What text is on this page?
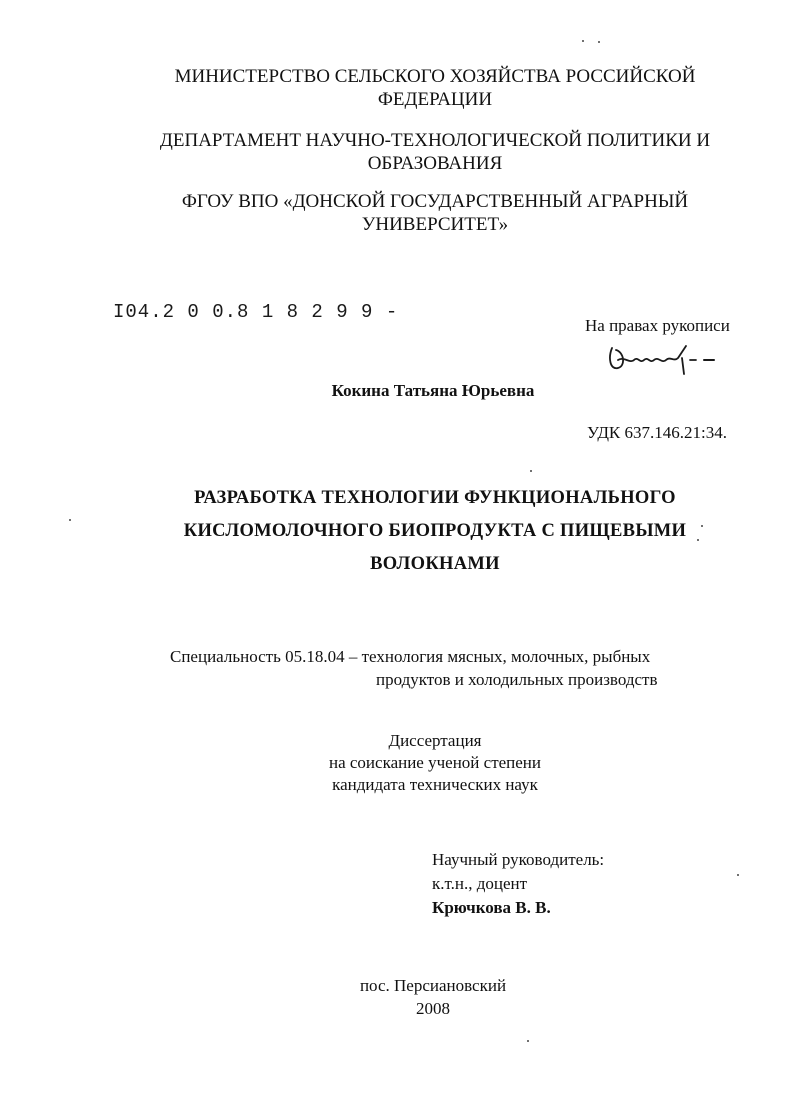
МИНИСТЕРСТВО СЕЛЬСКОГО ХОЗЯЙСТВА РОССИЙСКОЙ
ФЕДЕРАЦИИ
ДЕПАРТАМЕНТ НАУЧНО-ТЕХНОЛОГИЧЕСКОЙ ПОЛИТИКИ И
ОБРАЗОВАНИЯ
ФГОУ ВПО «ДОНСКОЙ ГОСУДАРСТВЕННЫЙ АГРАРНЫЙ
УНИВЕРСИТЕТ»
I04.2 0 0.8 1 8 2 9 9 -
На правах рукописи
Кокина Татьяна Юрьевна
УДК 637.146.21:34.
РАЗРАБОТКА ТЕХНОЛОГИИ ФУНКЦИОНАЛЬНОГО
КИСЛОМОЛОЧНОГО БИОПРОДУКТА С ПИЩЕВЫМИ
ВОЛОКНАМИ
Специальность 05.18.04 – технология мясных, молочных, рыбных
продуктов и холодильных производств
Диссертация
на соискание ученой степени
кандидата технических наук
Научный руководитель:
к.т.н., доцент
Крючкова В. В.
пос. Персиановский
2008
